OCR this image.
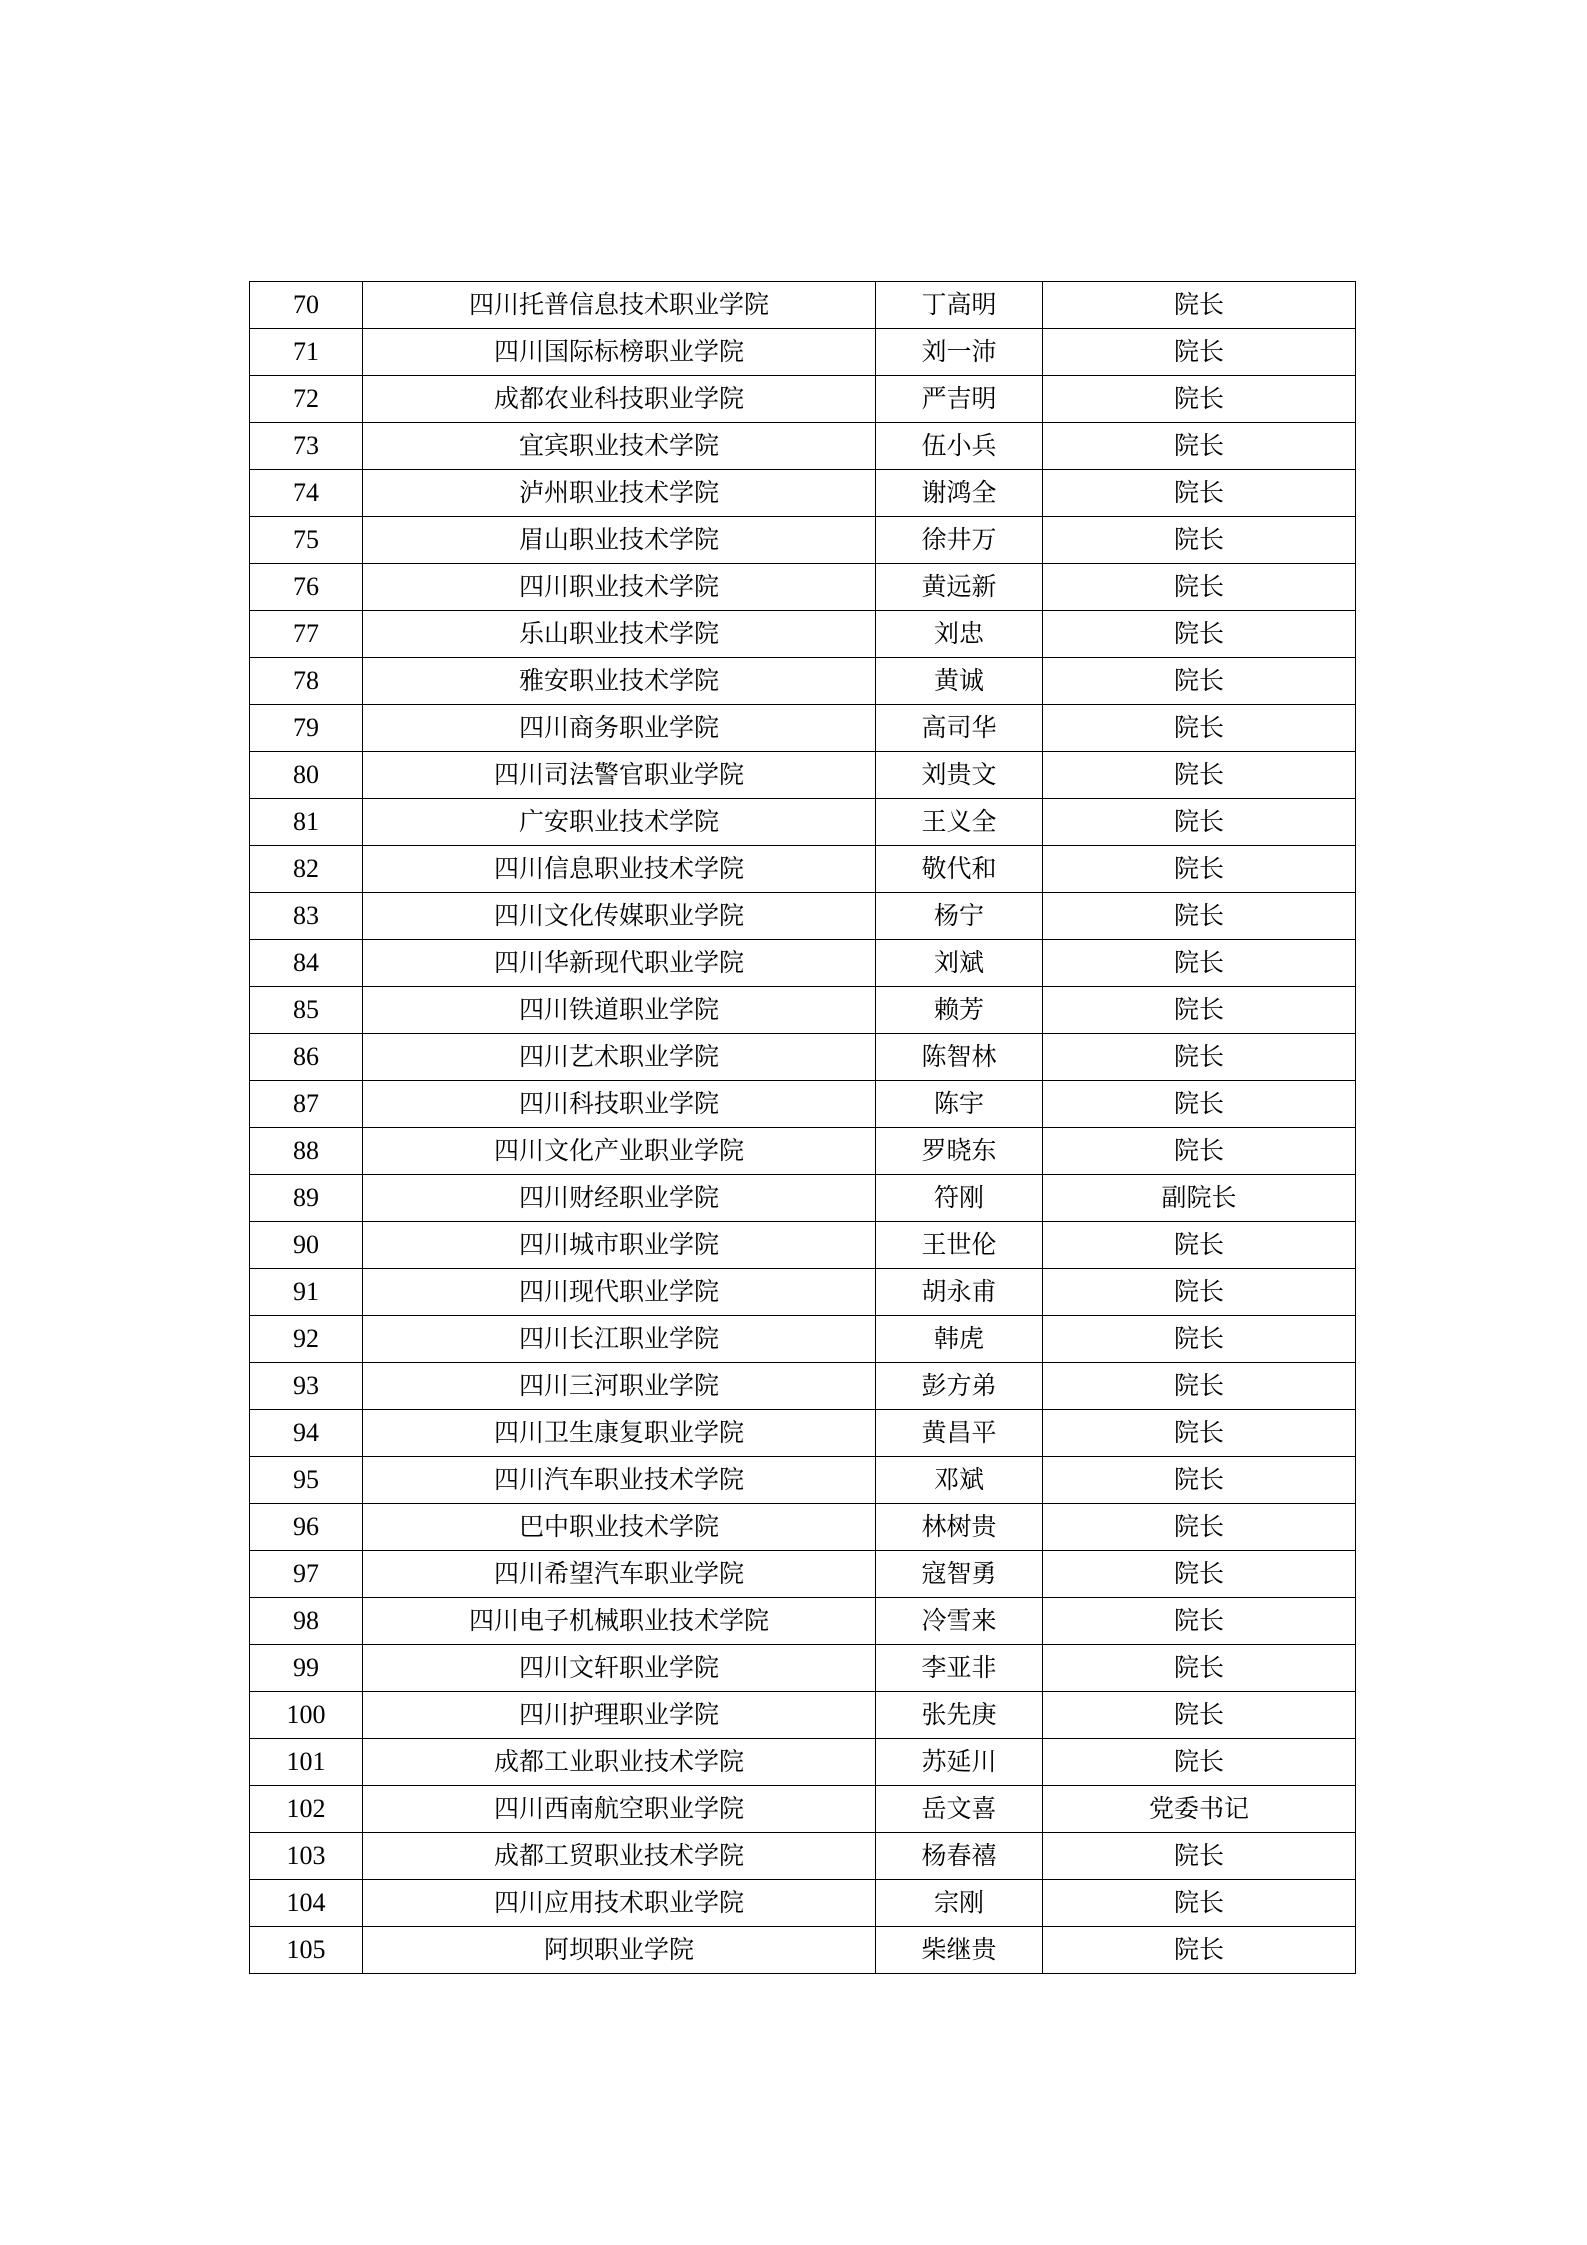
70	四川托普信息技术职业学院	丁高明	院长
71	四川国际标榜职业学院	刘一沛	院长
72	成都农业科技职业学院	严吉明	院长
73	宜宾职业技术学院	伍小兵	院长
74	泸州职业技术学院	谢鸿全	院长
75	眉山职业技术学院	徐井万	院长
76	四川职业技术学院	黄远新	院长
77	乐山职业技术学院	刘忠	院长
78	雅安职业技术学院	黄诚	院长
79	四川商务职业学院	高司华	院长
80	四川司法警官职业学院	刘贵文	院长
81	广安职业技术学院	王义全	院长
82	四川信息职业技术学院	敬代和	院长
83	四川文化传媒职业学院	杨宁	院长
84	四川华新现代职业学院	刘斌	院长
85	四川铁道职业学院	赖芳	院长
86	四川艺术职业学院	陈智林	院长
87	四川科技职业学院	陈宇	院长
88	四川文化产业职业学院	罗晓东	院长
89	四川财经职业学院	符刚	副院长
90	四川城市职业学院	王世伦	院长
91	四川现代职业学院	胡永甫	院长
92	四川长江职业学院	韩虎	院长
93	四川三河职业学院	彭方弟	院长
94	四川卫生康复职业学院	黄昌平	院长
95	四川汽车职业技术学院	邓斌	院长
96	巴中职业技术学院	林树贵	院长
97	四川希望汽车职业学院	寇智勇	院长
98	四川电子机械职业技术学院	冷雪来	院长
99	四川文轩职业学院	李亚非	院长
100	四川护理职业学院	张先庚	院长
101	成都工业职业技术学院	苏延川	院长
102	四川西南航空职业学院	岳文喜	党委书记
103	成都工贸职业技术学院	杨春禧	院长
104	四川应用技术职业学院	宗刚	院长
105	阿坝职业学院	柴继贵	院长
